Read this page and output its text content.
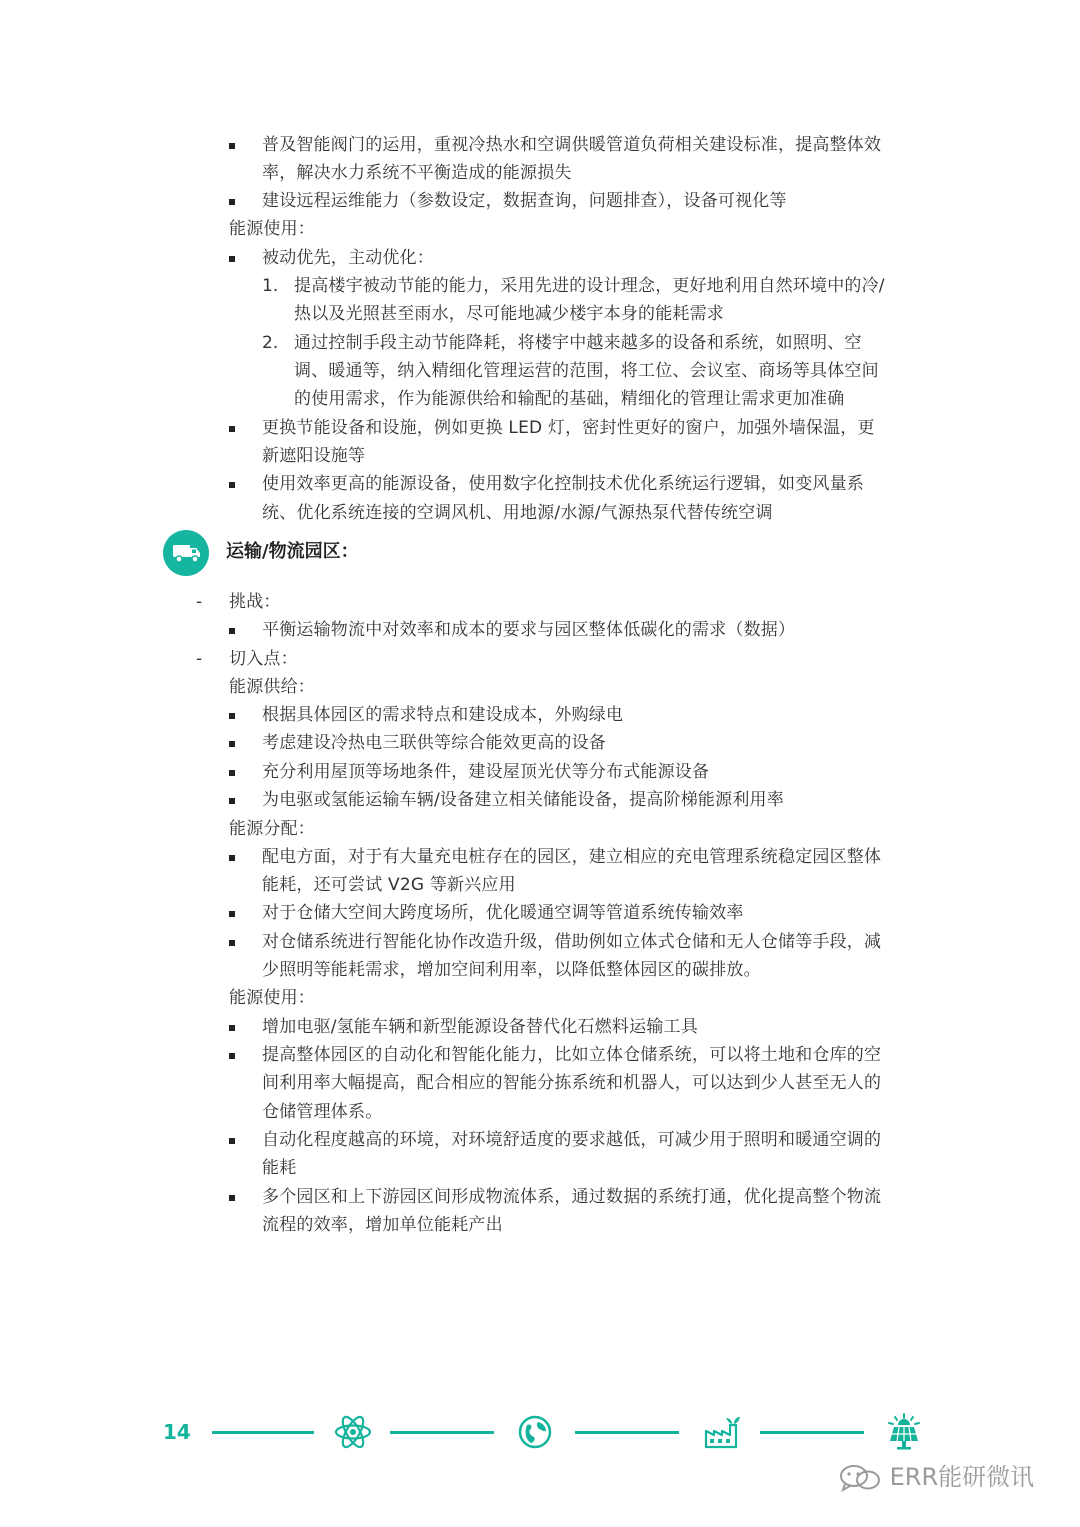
普及智能阀门的运用，重视冷热水和空调供暖管道负荷相关建设标准，提高整体效
率，解决水力系统不平衡造成的能源损失
建设远程运维能力（参数设定，数据查询，问题排查），设备可视化等
能源使用：
被动优先，主动优化：
1. 提高楼宇被动节能的能力，采用先进的设计理念，更好地利用自然环境中的冷/
热以及光照甚至雨水，尽可能地减少楼宇本身的能耗需求
2. 通过控制手段主动节能降耗，将楼宇中越来越多的设备和系统，如照明、空
调、暖通等，纳入精细化管理运营的范围，将工位、会议室、商场等具体空间
的使用需求，作为能源供给和输配的基础，精细化的管理让需求更加准确
更换节能设备和设施，例如更换 LED 灯，密封性更好的窗户，加强外墙保温，更
新遮阳设施等
使用效率更高的能源设备，使用数字化控制技术优化系统运行逻辑，如变风量系
统、优化系统连接的空调风机、用地源/水源/气源热泵代替传统空调
运输/物流园区：
- 挑战：
平衡运输物流中对效率和成本的要求与园区整体低碳化的需求（数据）
- 切入点：
能源供给：
根据具体园区的需求特点和建设成本，外购绿电
考虑建设冷热电三联供等综合能效更高的设备
充分利用屋顶等场地条件，建设屋顶光伏等分布式能源设备
为电驱或氢能运输车辆/设备建立相关储能设备，提高阶梯能源利用率
能源分配：
配电方面，对于有大量充电桩存在的园区，建立相应的充电管理系统稳定园区整体
能耗，还可尝试 V2G 等新兴应用
对于仓储大空间大跨度场所，优化暖通空调等管道系统传输效率
对仓储系统进行智能化协作改造升级，借助例如立体式仓储和无人仓储等手段，减
少照明等能耗需求，增加空间利用率，以降低整体园区的碳排放。
能源使用：
增加电驱/氢能车辆和新型能源设备替代化石燃料运输工具
提高整体园区的自动化和智能化能力，比如立体仓储系统，可以将土地和仓库的空
间利用率大幅提高，配合相应的智能分拣系统和机器人，可以达到少人甚至无人的
仓储管理体系。
自动化程度越高的环境，对环境舒适度的要求越低，可减少用于照明和暖通空调的
能耗
多个园区和上下游园区间形成物流体系，通过数据的系统打通，优化提高整个物流
流程的效率，增加单位能耗产出
14
ERR能研微讯
